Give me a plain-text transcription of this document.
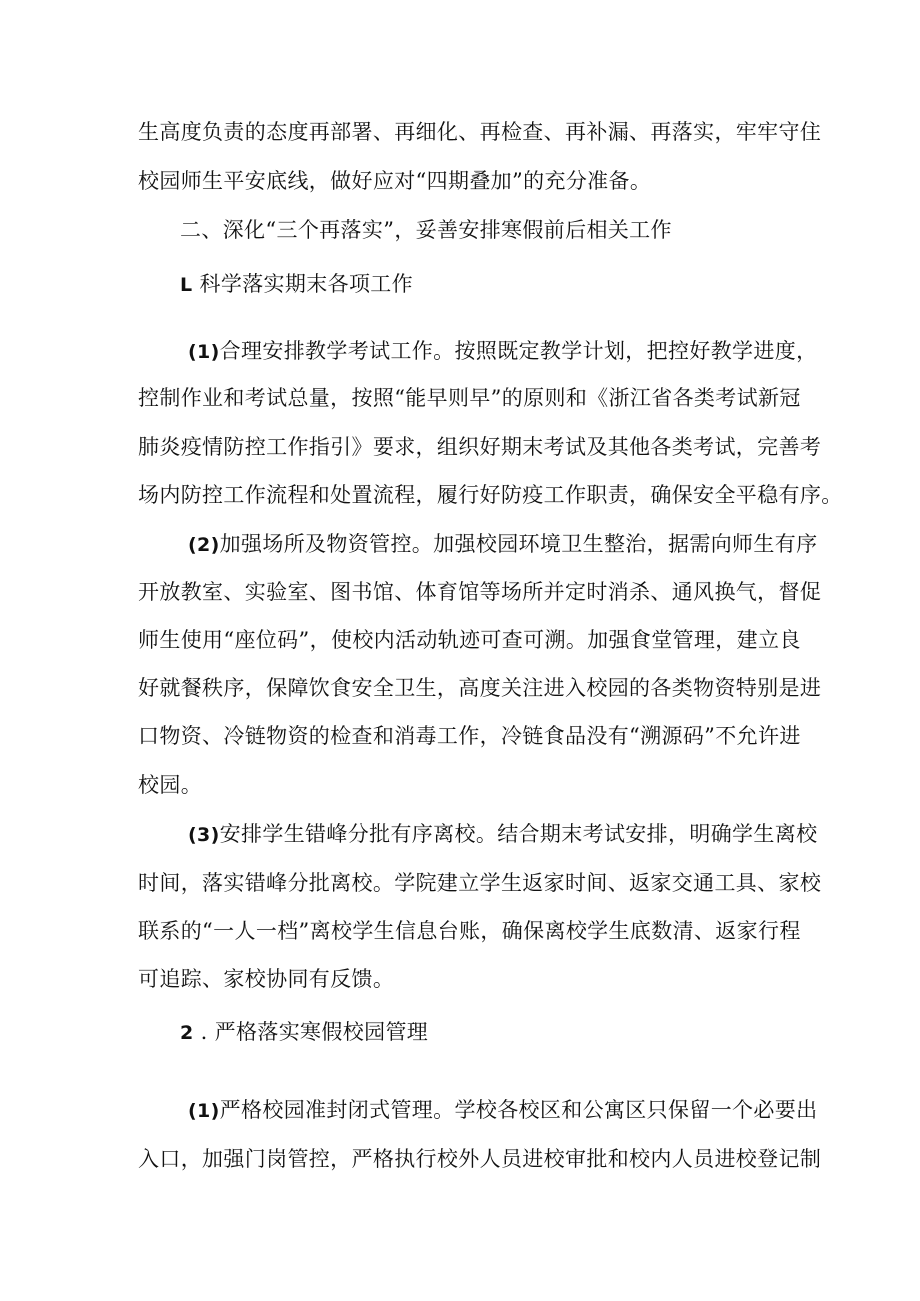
生高度负责的态度再部署、再细化、再检查、再补漏、再落实，牢牢守住
校园师生平安底线，做好应对“四期叠加”的充分准备。
二、深化“三个再落实”，妥善安排寒假前后相关工作
L 科学落实期末各项工作
(1)合理安排教学考试工作。按照既定教学计划，把控好教学进度，
控制作业和考试总量，按照“能早则早”的原则和《浙江省各类考试新冠
肺炎疫情防控工作指引》要求，组织好期末考试及其他各类考试，完善考
场内防控工作流程和处置流程，履行好防疫工作职责，确保安全平稳有序。
(2)加强场所及物资管控。加强校园环境卫生整治，据需向师生有序
开放教室、实验室、图书馆、体育馆等场所并定时消杀、通风换气，督促
师生使用“座位码”，使校内活动轨迹可查可溯。加强食堂管理，建立良
好就餐秩序，保障饮食安全卫生，高度关注进入校园的各类物资特别是进
口物资、冷链物资的检查和消毒工作，冷链食品没有“溯源码”不允许进
校园。
(3)安排学生错峰分批有序离校。结合期末考试安排，明确学生离校
时间，落实错峰分批离校。学院建立学生返家时间、返家交通工具、家校
联系的“一人一档”离校学生信息台账，确保离校学生底数清、返家行程
可追踪、家校协同有反馈。
2 . 严格落实寒假校园管理
(1)严格校园准封闭式管理。学校各校区和公寓区只保留一个必要出
入口，加强门岗管控，严格执行校外人员进校审批和校内人员进校登记制
